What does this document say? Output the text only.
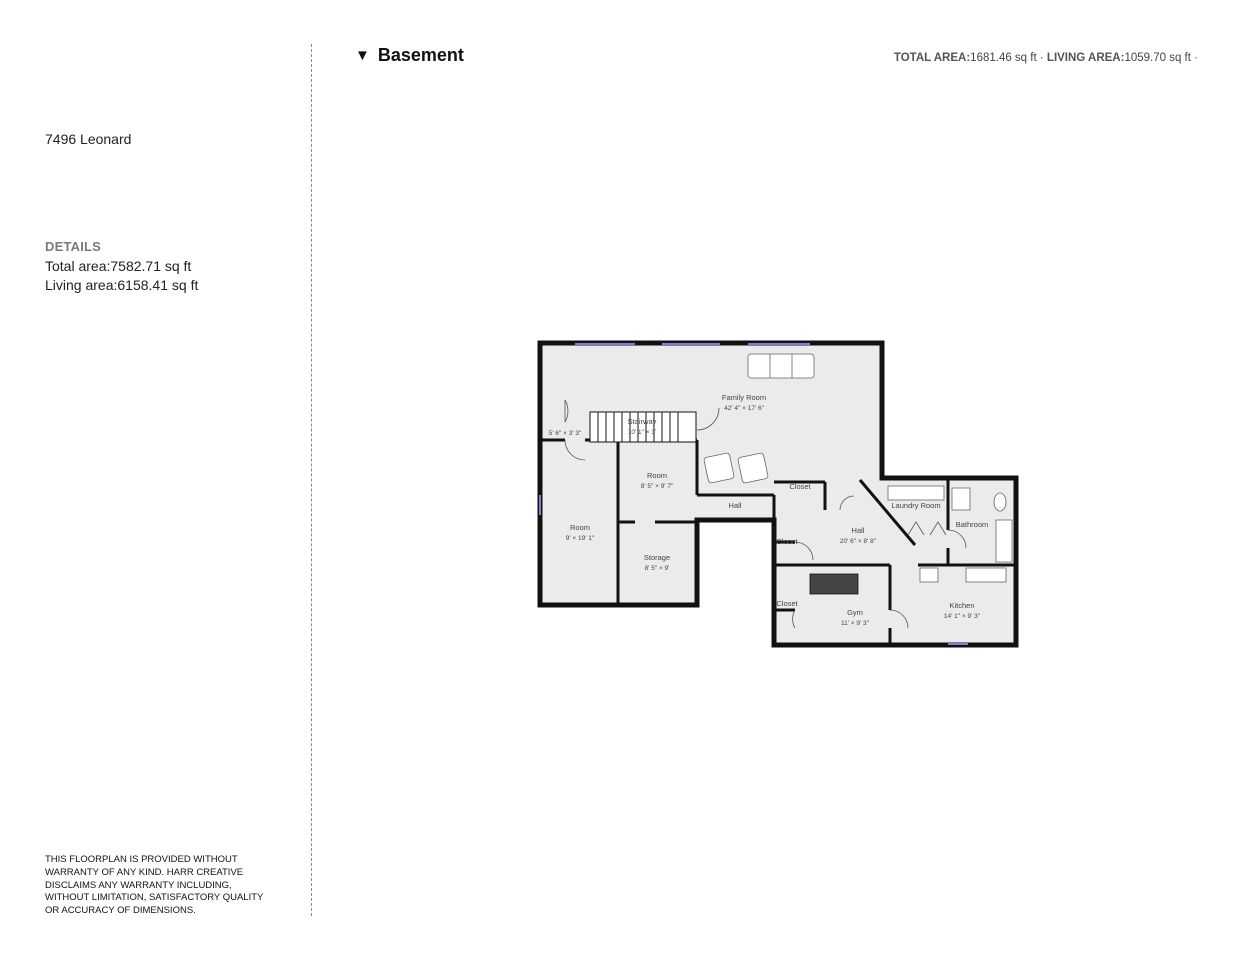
7496 Leonard
DETAILS
Total area:7582.71 sq ft
Living area:6158.41 sq ft
THIS FLOORPLAN IS PROVIDED WITHOUT WARRANTY OF ANY KIND. HARR CREATIVE DISCLAIMS ANY WARRANTY INCLUDING, WITHOUT LIMITATION, SATISFACTORY QUALITY OR ACCURACY OF DIMENSIONS.
▼ Basement	TOTAL AREA:1681.46 sq ft · LIVING AREA:1059.70 sq ft ·
Family Room
42' 4" × 17' 6"
Stairway
10' 1" × 3'
5' 6" × 3' 3"
Room
8' 5" × 9' 7"
Room
9' × 19' 1"
Hall
Closet
Storage
8' 5" × 9'
Hall
20' 6" × 8' 8"
Closet
Closet
Laundry Room
Bathroom
Gym
11' × 9' 3"
Kitchen
14' 1" × 9' 3"
